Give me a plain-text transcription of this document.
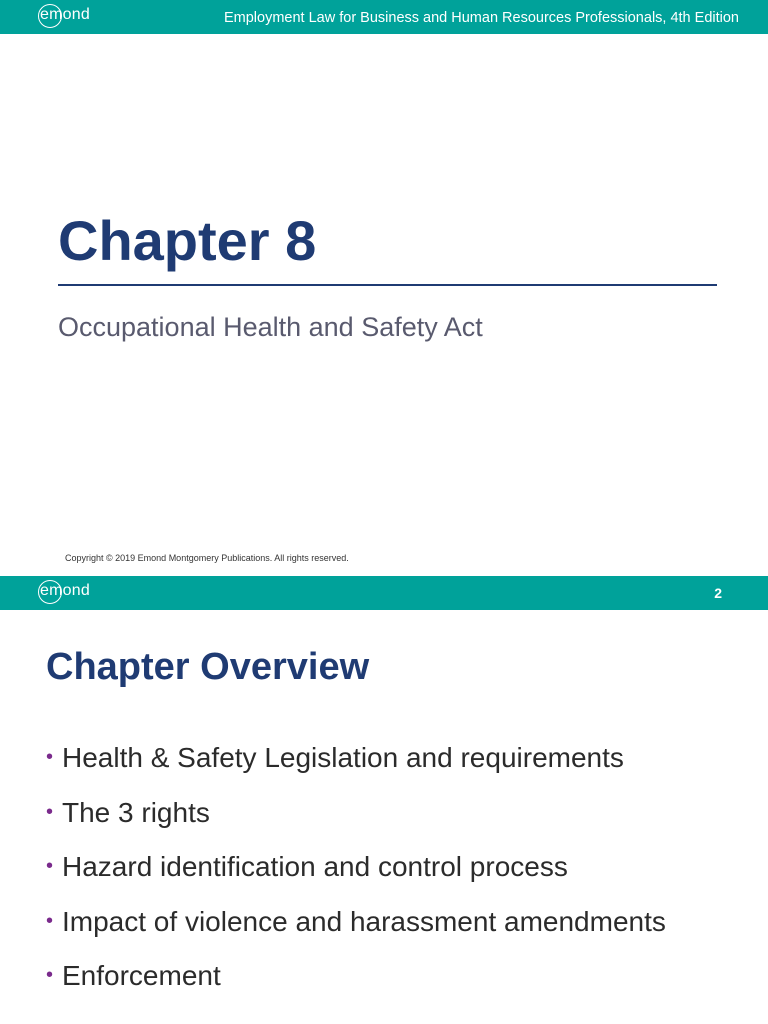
emond	Employment Law for Business and Human Resources Professionals, 4th Edition
Chapter 8
Occupational Health and Safety Act
Copyright © 2019 Emond Montgomery Publications. All rights reserved.
emond	2
Chapter Overview
• Health & Safety Legislation and requirements
• The 3 rights
• Hazard identification and control process
• Impact of violence and harassment amendments
• Enforcement
